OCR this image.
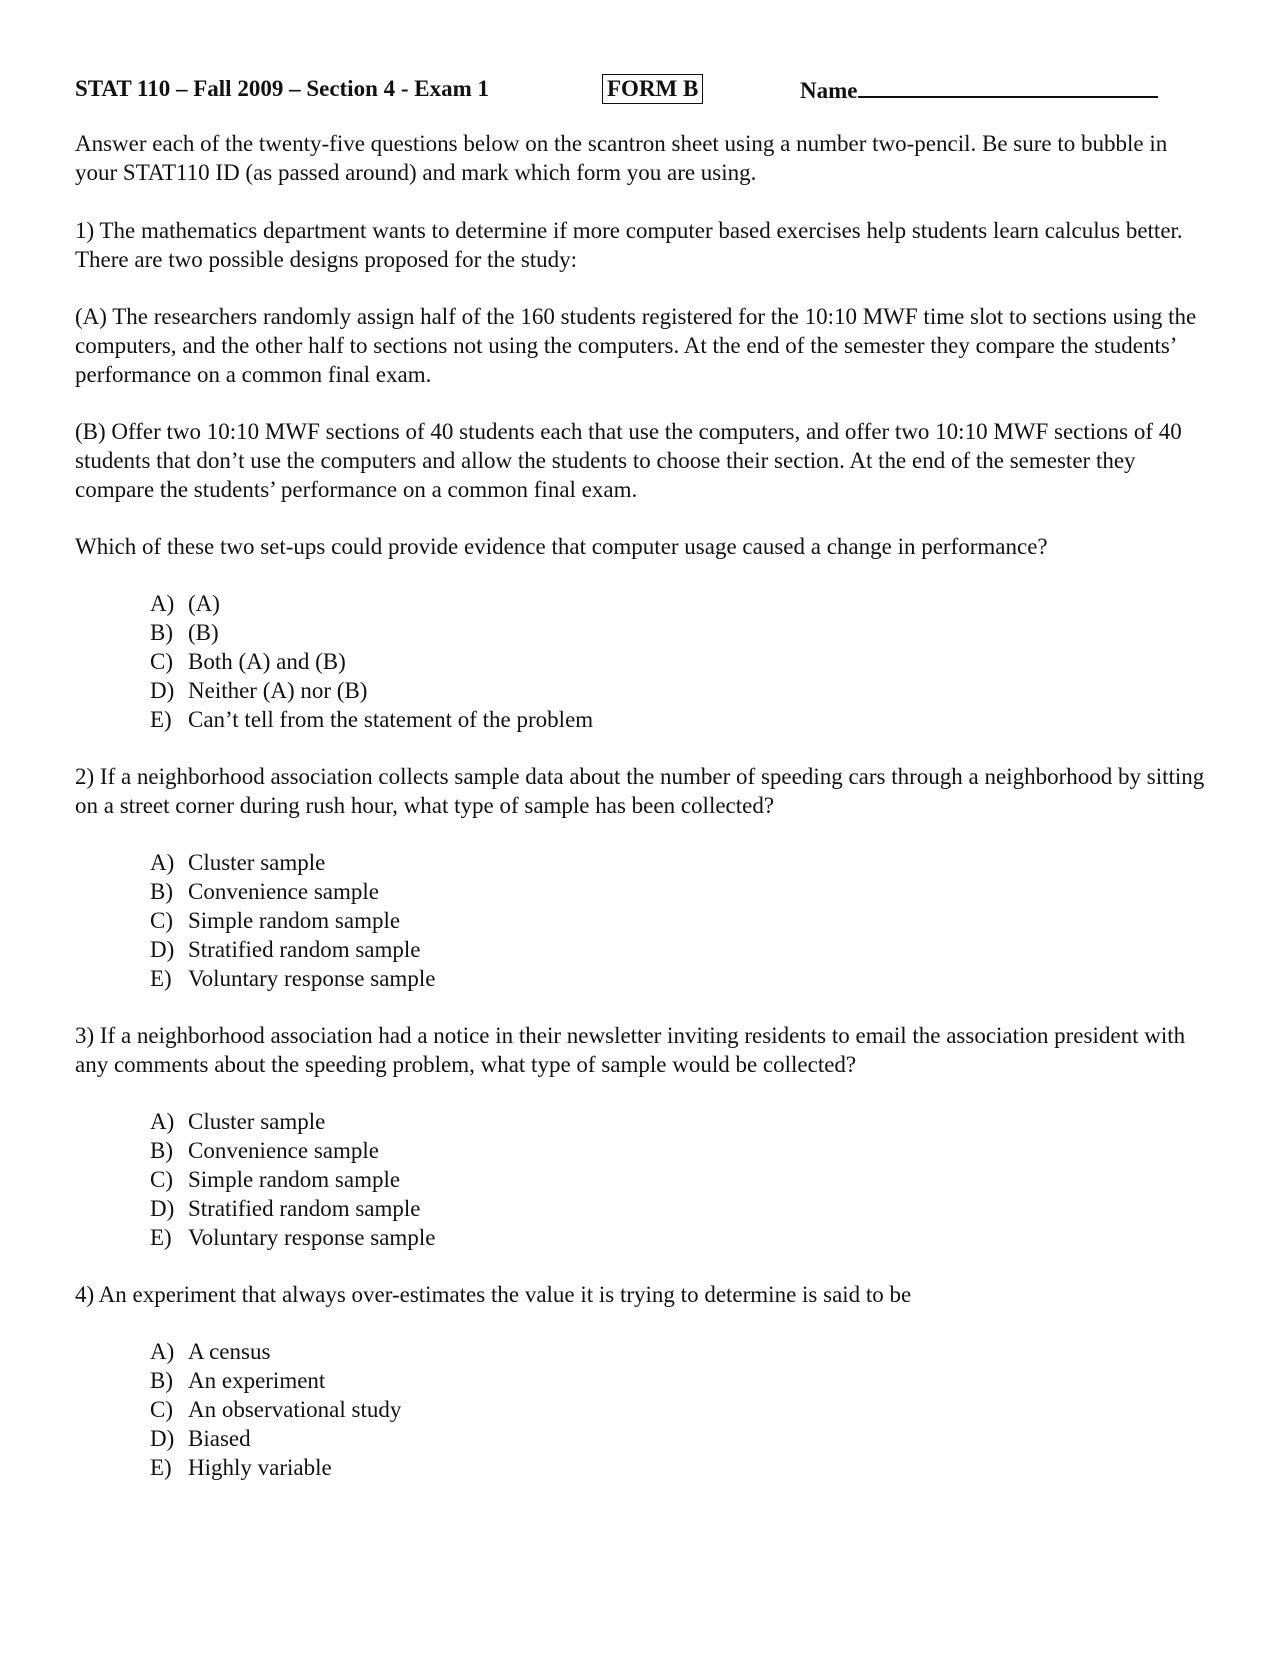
STAT 110 – Fall 2009 – Section 4 - Exam 1	FORM B	Name

Answer each of the twenty-five questions below on the scantron sheet using a number two-pencil. Be sure to bubble in your STAT110 ID (as passed around) and mark which form you are using.

1) The mathematics department wants to determine if more computer based exercises help students learn calculus better. There are two possible designs proposed for the study:

(A) The researchers randomly assign half of the 160 students registered for the 10:10 MWF time slot to sections using the computers, and the other half to sections not using the computers. At the end of the semester they compare the students’ performance on a common final exam.

(B) Offer two 10:10 MWF sections of 40 students each that use the computers, and offer two 10:10 MWF sections of 40 students that don’t use the computers and allow the students to choose their section. At the end of the semester they compare the students’ performance on a common final exam.

Which of these two set-ups could provide evidence that computer usage caused a change in performance?

A) (A)
B) (B)
C) Both (A) and (B)
D) Neither (A) nor (B)
E) Can’t tell from the statement of the problem

2) If a neighborhood association collects sample data about the number of speeding cars through a neighborhood by sitting on a street corner during rush hour, what type of sample has been collected?

A) Cluster sample
B) Convenience sample
C) Simple random sample
D) Stratified random sample
E) Voluntary response sample

3) If a neighborhood association had a notice in their newsletter inviting residents to email the association president with any comments about the speeding problem, what type of sample would be collected?

A) Cluster sample
B) Convenience sample
C) Simple random sample
D) Stratified random sample
E) Voluntary response sample

4) An experiment that always over-estimates the value it is trying to determine is said to be

A) A census
B) An experiment
C) An observational study
D) Biased
E) Highly variable
